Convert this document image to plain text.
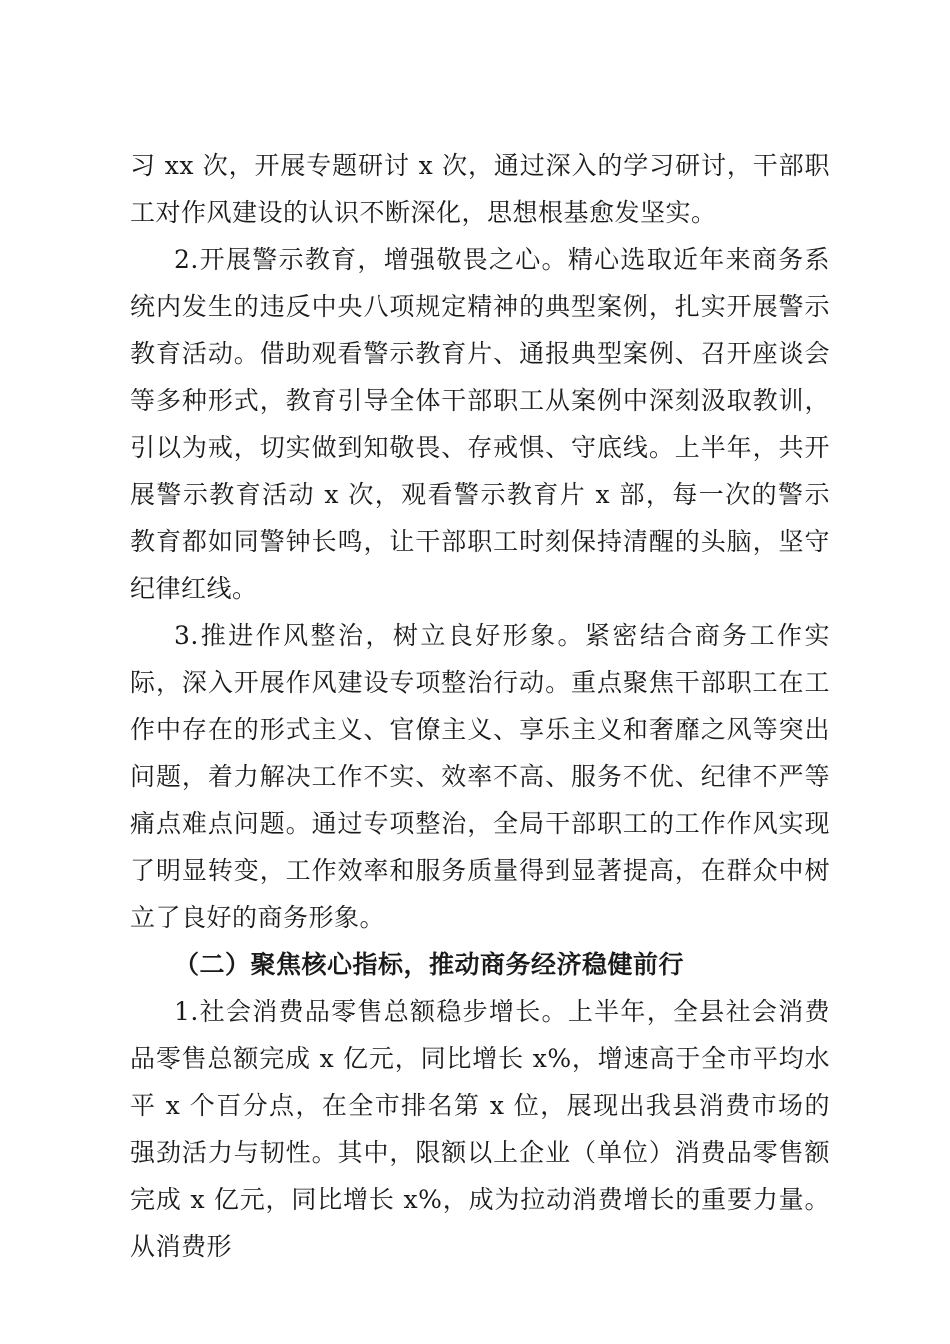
习 xx 次，开展专题研讨 x 次，通过深入的学习研讨，干部职工对作风建设的认识不断深化，思想根基愈发坚实。

2.开展警示教育，增强敬畏之心。精心选取近年来商务系统内发生的违反中央八项规定精神的典型案例，扎实开展警示教育活动。借助观看警示教育片、通报典型案例、召开座谈会等多种形式，教育引导全体干部职工从案例中深刻汲取教训，引以为戒，切实做到知敬畏、存戒惧、守底线。上半年，共开展警示教育活动 x 次，观看警示教育片 x 部，每一次的警示教育都如同警钟长鸣，让干部职工时刻保持清醒的头脑，坚守纪律红线。

3.推进作风整治，树立良好形象。紧密结合商务工作实际，深入开展作风建设专项整治行动。重点聚焦干部职工在工作中存在的形式主义、官僚主义、享乐主义和奢靡之风等突出问题，着力解决工作不实、效率不高、服务不优、纪律不严等痛点难点问题。通过专项整治，全局干部职工的工作作风实现了明显转变，工作效率和服务质量得到显著提高，在群众中树立了良好的商务形象。

（二）聚焦核心指标，推动商务经济稳健前行

1.社会消费品零售总额稳步增长。上半年，全县社会消费品零售总额完成 x 亿元，同比增长 x%，增速高于全市平均水平 x 个百分点，在全市排名第 x 位，展现出我县消费市场的强劲活力与韧性。其中，限额以上企业（单位）消费品零售额完成 x 亿元，同比增长 x%，成为拉动消费增长的重要力量。从消费形
